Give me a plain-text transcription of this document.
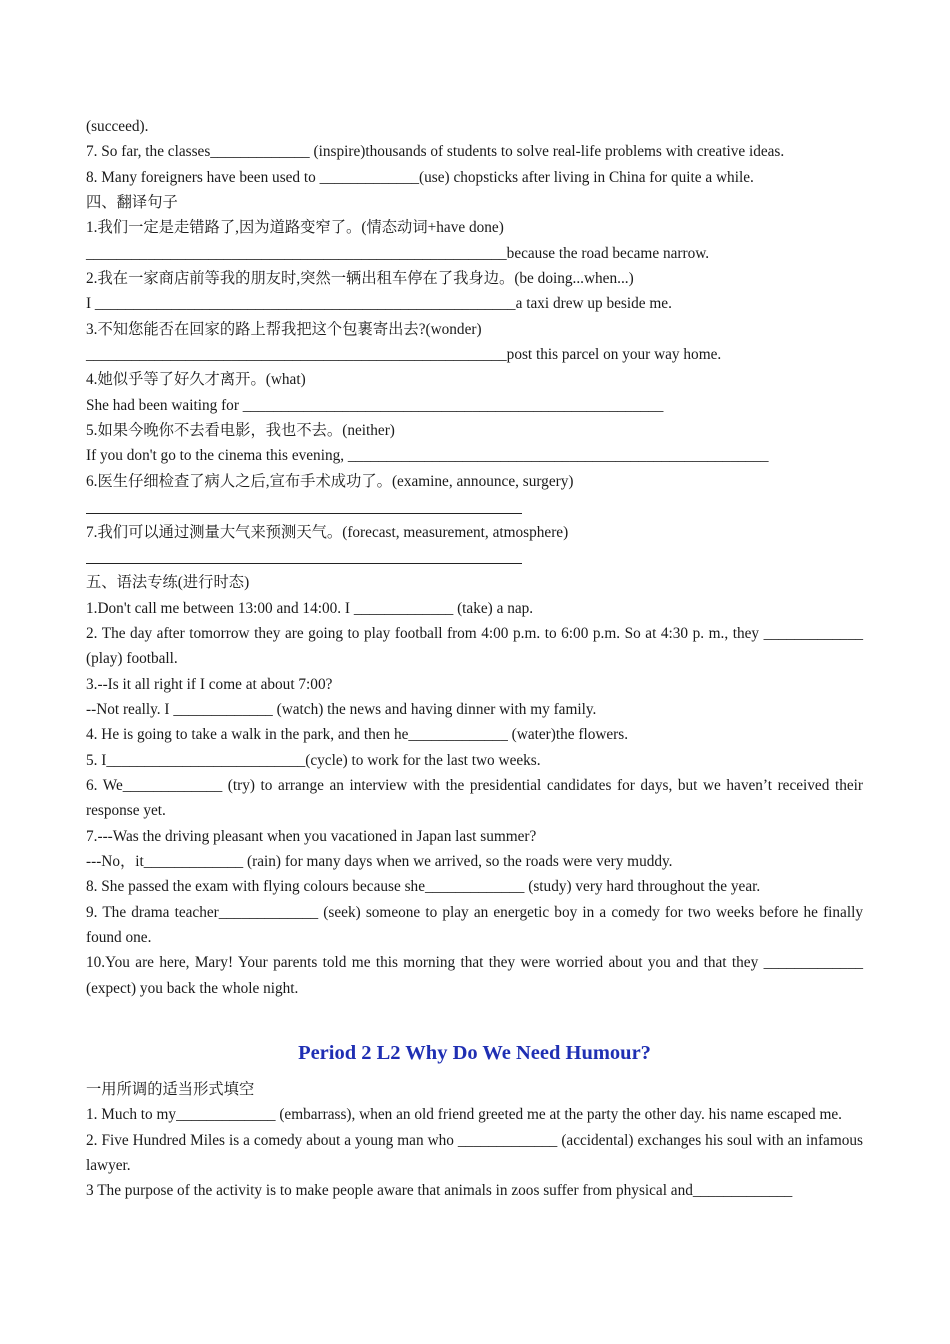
(succeed).

7. So far, the classes_____________ (inspire)thousands of students to solve real-life problems with creative ideas.

8. Many foreigners have been used to _____________(use) chopsticks after living in China for quite a while.

四、翻译句子

1.我们一定是走错路了,因为道路变窄了。(情态动词+have done)

_______________________________________________________because the road became narrow.

2.我在一家商店前等我的朋友时,突然一辆出租车停在了我身边。(be doing...when...)

I _______________________________________________________a taxi drew up beside me.

3.不知您能否在回家的路上帮我把这个包裹寄出去?(wonder)

_______________________________________________________post this parcel on your way home.

4.她似乎等了好久才离开。(what)

She had been waiting for _______________________________________________________

5.如果今晚你不去看电影，我也不去。(neither)

If you don't go to the cinema this evening, _______________________________________________________

6.医生仔细检查了病人之后,宣布手术成功了。(examine, announce, surgery)

7.我们可以通过测量大气来预测天气。(forecast, measurement, atmosphere)

五、语法专练(进行时态)

1.Don't call me between 13:00 and 14:00. I _____________ (take) a nap.

2. The day after tomorrow they are going to play football from 4:00 p.m. to 6:00 p.m. So at 4:30 p. m., they _____________ (play) football.

3.--Is it all right if I come at about 7:00?

--Not really. I _____________ (watch) the news and having dinner with my family.

4. He is going to take a walk in the park, and then he_____________ (water)the flowers.

5. I__________________________(cycle) to work for the last two weeks.

6. We_____________ (try) to arrange an interview with the presidential candidates for days, but we haven’t received their response yet.

7.---Was the driving pleasant when you vacationed in Japan last summer?

---No，it_____________ (rain) for many days when we arrived, so the roads were very muddy.

8. She passed the exam with flying colours because she_____________ (study) very hard throughout the year.

9. The drama teacher_____________ (seek) someone to play an energetic boy in a comedy for two weeks before he finally found one.

10.You are here, Mary! Your parents told me this morning that they were worried about you and that they _____________ (expect) you back the whole night.

Period 2 L2 Why Do We Need Humour?

一用所调的适当形式填空

1. Much to my_____________ (embarrass), when an old friend greeted me at the party the other day. his name escaped me.

2. Five Hundred Miles is a comedy about a young man who _____________ (accidental) exchanges his soul with an infamous lawyer.

3 The purpose of the activity is to make people aware that animals in zoos suffer from physical and_____________
